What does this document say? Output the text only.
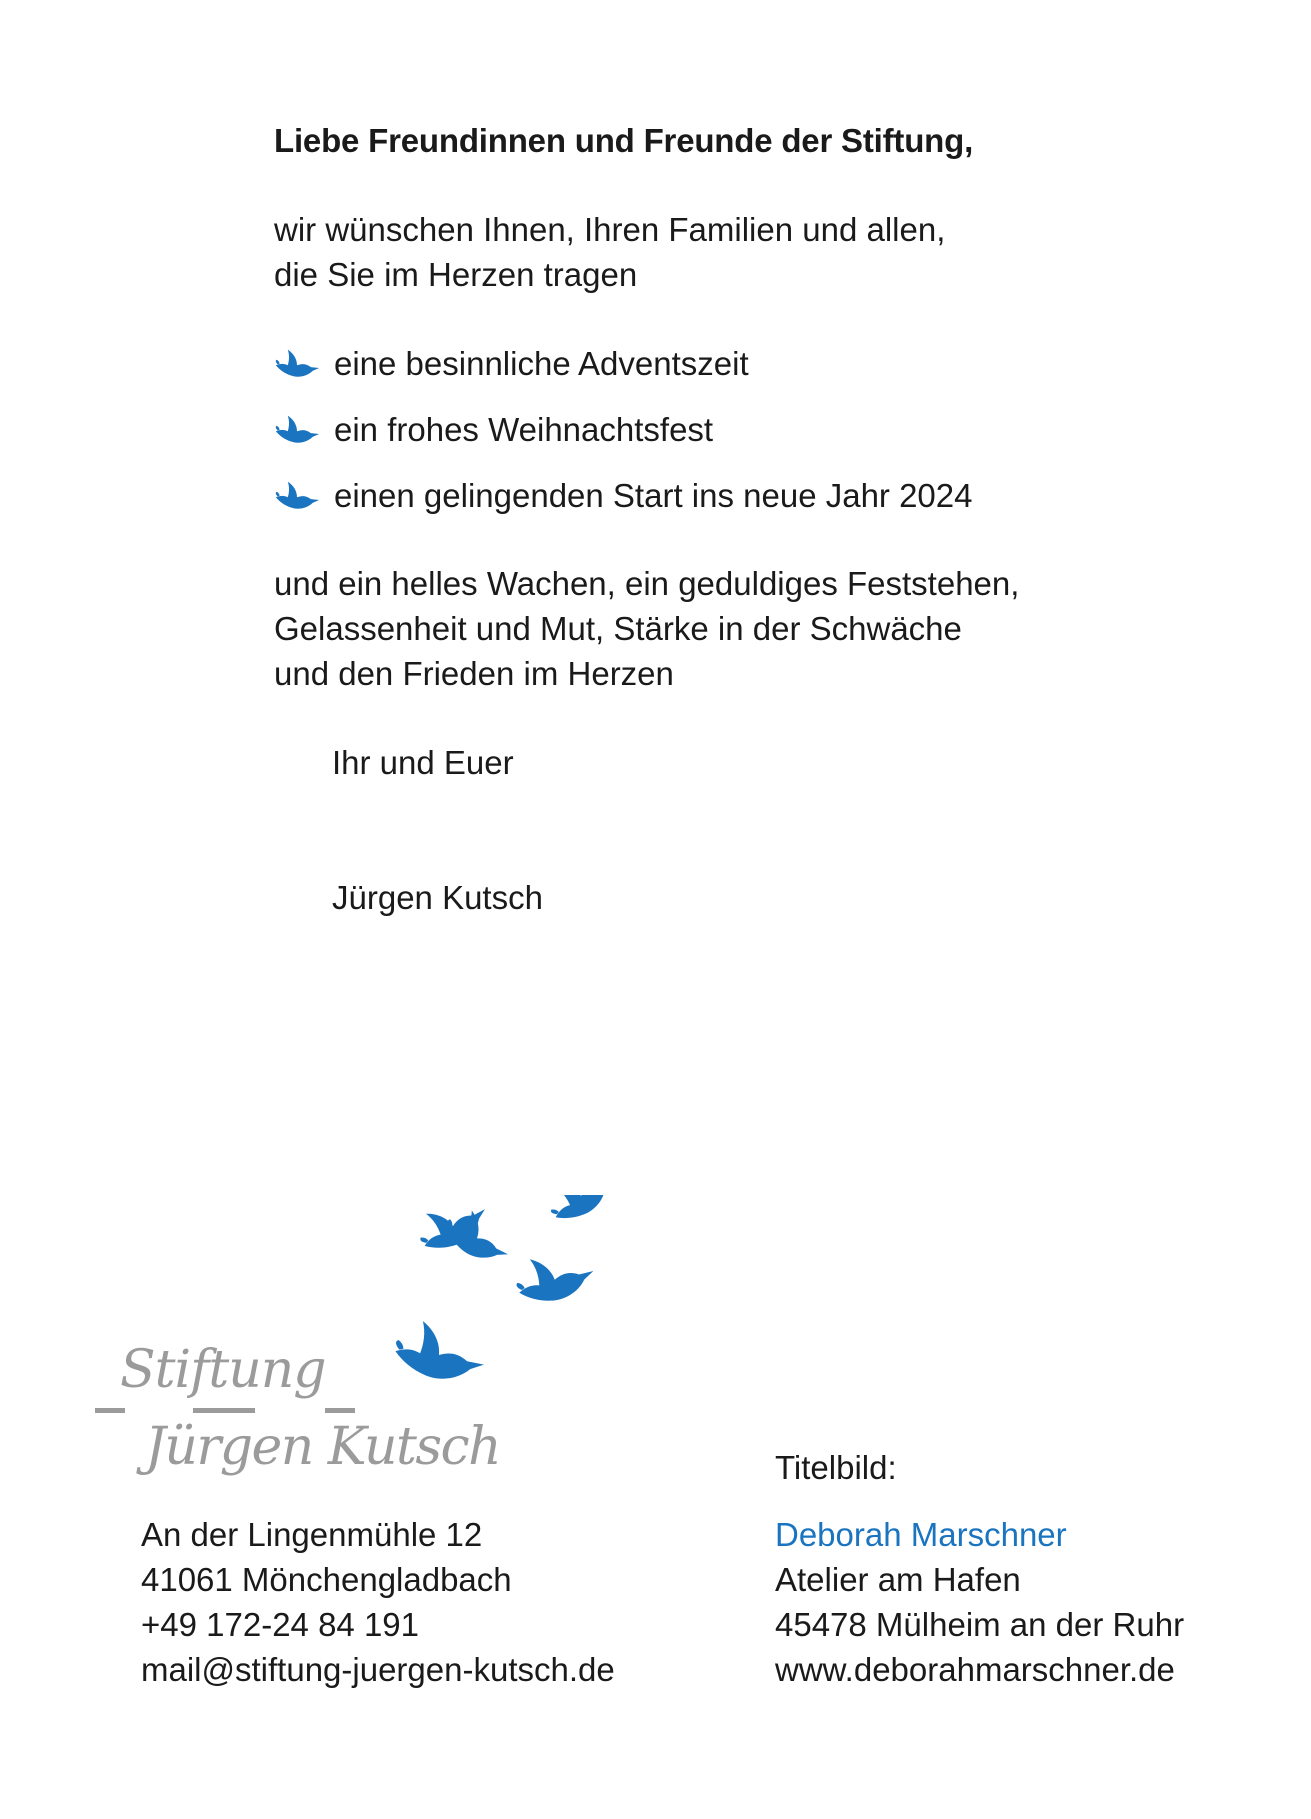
Liebe Freundinnen und Freunde der Stiftung,

wir wünschen Ihnen, Ihren Familien und allen,
die Sie im Herzen tragen

eine besinnliche Adventszeit
ein frohes Weihnachtsfest
einen gelingenden Start ins neue Jahr 2024

und ein helles Wachen, ein geduldiges Feststehen,
Gelassenheit und Mut, Stärke in der Schwäche
und den Frieden im Herzen

Ihr und Euer

Jürgen Kutsch

Stiftung
Jürgen Kutsch
An der Lingenmühle 12
41061 Mönchengladbach
+49 172-24 84 191
mail@stiftung-juergen-kutsch.de
Titelbild:
Deborah Marschner
Atelier am Hafen
45478 Mülheim an der Ruhr
www.deborahmarschner.de
